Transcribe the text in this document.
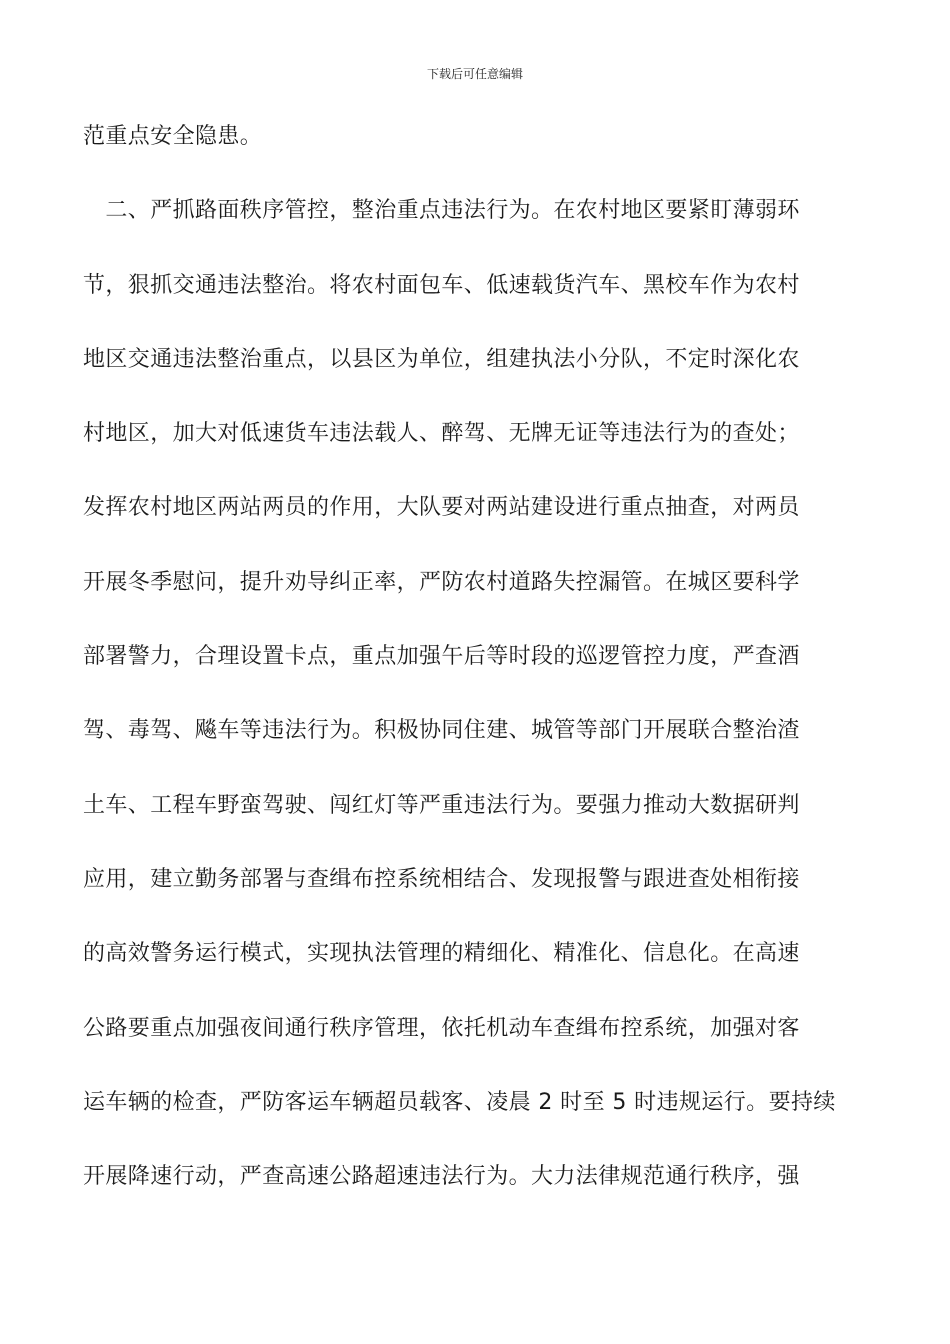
下载后可任意编辑
范重点安全隐患。
　二、严抓路面秩序管控，整治重点违法行为。在农村地区要紧盯薄弱环
节，狠抓交通违法整治。将农村面包车、低速载货汽车、黑校车作为农村
地区交通违法整治重点，以县区为单位，组建执法小分队，不定时深化农
村地区，加大对低速货车违法载人、醉驾、无牌无证等违法行为的查处；
发挥农村地区两站两员的作用，大队要对两站建设进行重点抽查，对两员
开展冬季慰问，提升劝导纠正率，严防农村道路失控漏管。在城区要科学
部署警力，合理设置卡点，重点加强午后等时段的巡逻管控力度，严查酒
驾、毒驾、飚车等违法行为。积极协同住建、城管等部门开展联合整治渣
土车、工程车野蛮驾驶、闯红灯等严重违法行为。要强力推动大数据研判
应用，建立勤务部署与查缉布控系统相结合、发现报警与跟进查处相衔接
的高效警务运行模式，实现执法管理的精细化、精准化、信息化。在高速
公路要重点加强夜间通行秩序管理，依托机动车查缉布控系统，加强对客
运车辆的检查，严防客运车辆超员载客、凌晨 2 时至 5 时违规运行。要持续
开展降速行动，严查高速公路超速违法行为。大力法律规范通行秩序，强
